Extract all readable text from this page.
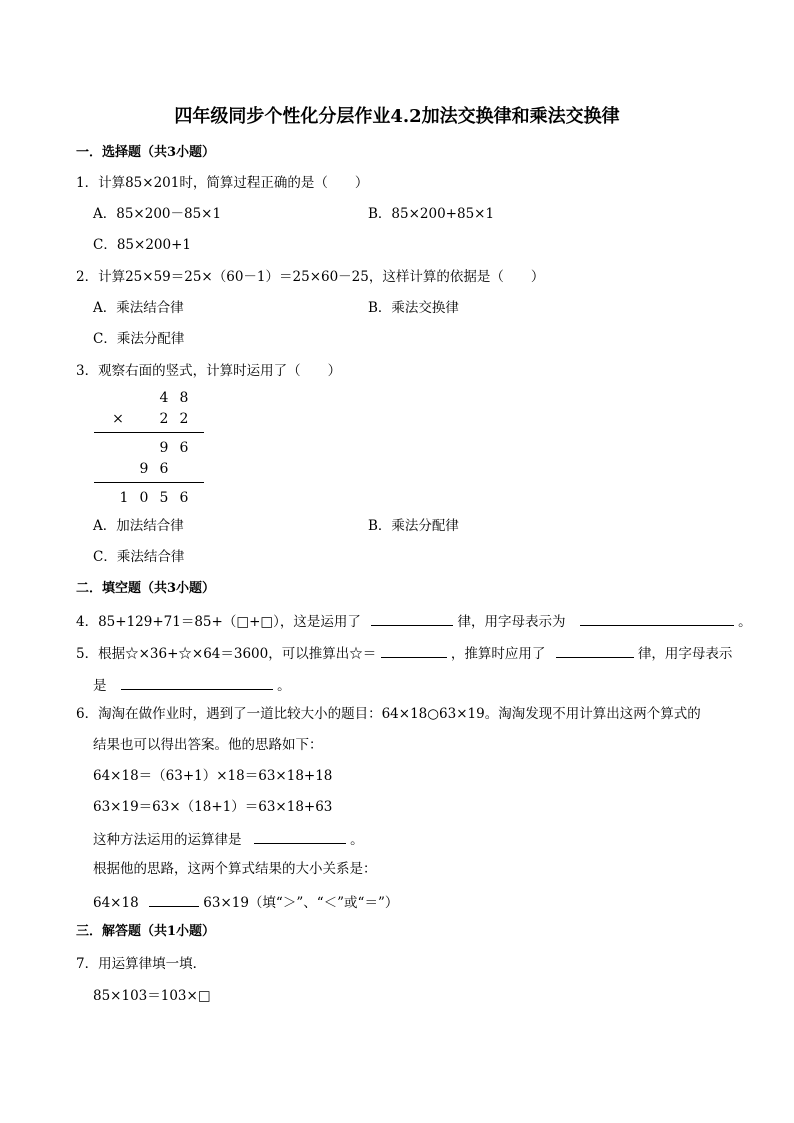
四年级同步个性化分层作业4.2加法交换律和乘法交换律
一．选择题（共3小题）
1．计算85×201时，简算过程正确的是（　　）
A．85×200－85×1	B．85×200+85×1
C．85×200+1
2．计算25×59＝25×（60－1）＝25×60－25，这样计算的依据是（　　）
A．乘法结合律	B．乘法交换律
C．乘法分配律
3．观察右面的竖式，计算时运用了（　　）
4 8
×	2 2
9 6
9 6
1 0 5 6
A．加法结合律	B．乘法分配律
C．乘法结合律
二．填空题（共3小题）
4．85+129+71＝85+（□+□），这是运用了	律，用字母表示为	。
5．根据☆×36+☆×64＝3600，可以推算出☆＝	，推算时应用了	律，用字母表示
是	。
6．淘淘在做作业时，遇到了一道比较大小的题目：64×18○63×19。淘淘发现不用计算出这两个算式的
结果也可以得出答案。他的思路如下：
64×18＝（63+1）×18＝63×18+18
63×19＝63×（18+1）＝63×18+63
这种方法运用的运算律是	。
根据他的思路，这两个算式结果的大小关系是：
64×18	63×19（填“＞”、“＜”或“＝”）
三．解答题（共1小题）
7．用运算律填一填．
85×103＝103×□
